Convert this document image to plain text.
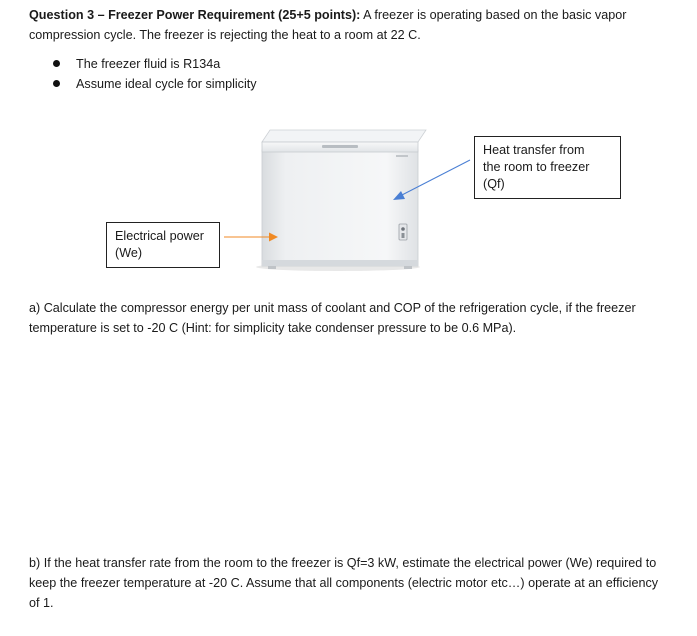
Question 3 – Freezer Power Requirement (25+5 points): A freezer is operating based on the basic vapor compression cycle. The freezer is rejecting the heat to a room at 22 C.

The freezer fluid is R134a
Assume ideal cycle for simplicity
Heat transfer from
the room to freezer
(Qf)
Electrical power
(We)

a) Calculate the compressor energy per unit mass of coolant and COP of the refrigeration cycle, if the freezer temperature is set to -20 C (Hint: for simplicity take condenser pressure to be 0.6 MPa).

b) If the heat transfer rate from the room to the freezer is Qf=3 kW, estimate the electrical power (We) required to keep the freezer temperature at -20 C. Assume that all components (electric motor etc…) operate at an efficiency of 1.
